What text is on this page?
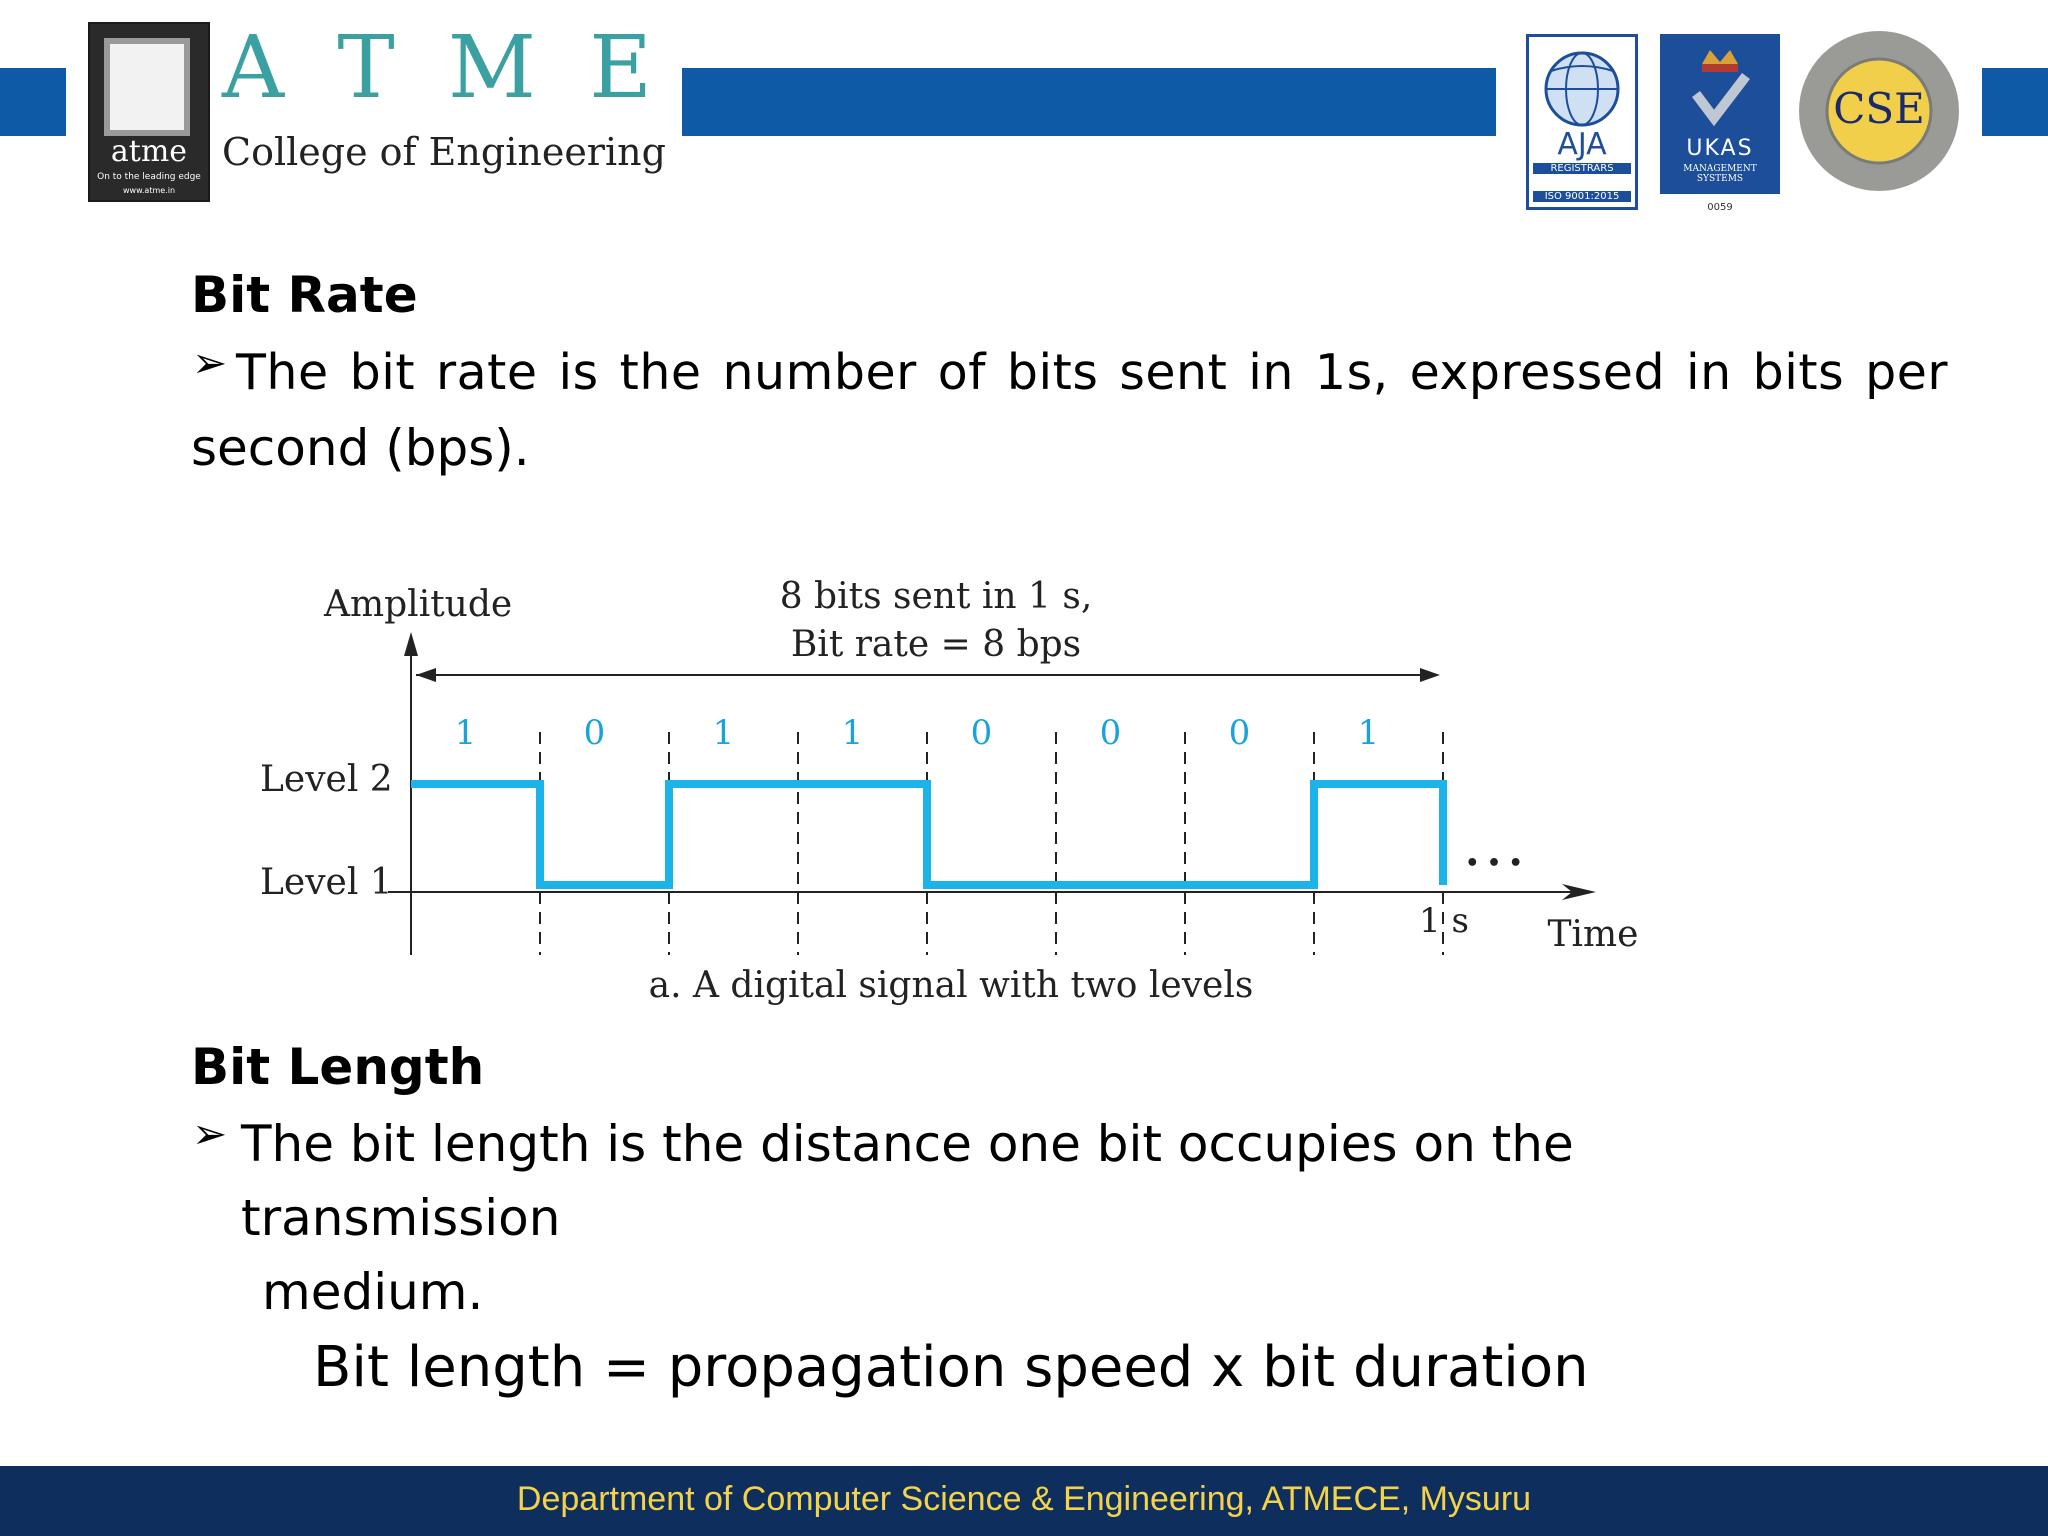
atme
On to the leading edge
www.atme.in
A T M E
College of Engineering	AJA
REGISTRARS
ISO 9001:2015
UKAS
MANAGEMENT SYSTEMS
0059
CSE
Bit Rate
➢ The bit rate is the number of bits sent in 1s, expressed in bits per
second (bps).
Amplitude	8 bits sent in 1 s,
Bit rate = 8 bps
Level 2
Level 1
1	0	1	1	0	0	0	1
• • •
1 s Time
a. A digital signal with two levels
Bit Length
➢ The bit length is the distance one bit occupies on the
transmission
medium.
Bit length = propagation speed x bit duration
Department of Computer Science & Engineering, ATMECE, Mysuru
